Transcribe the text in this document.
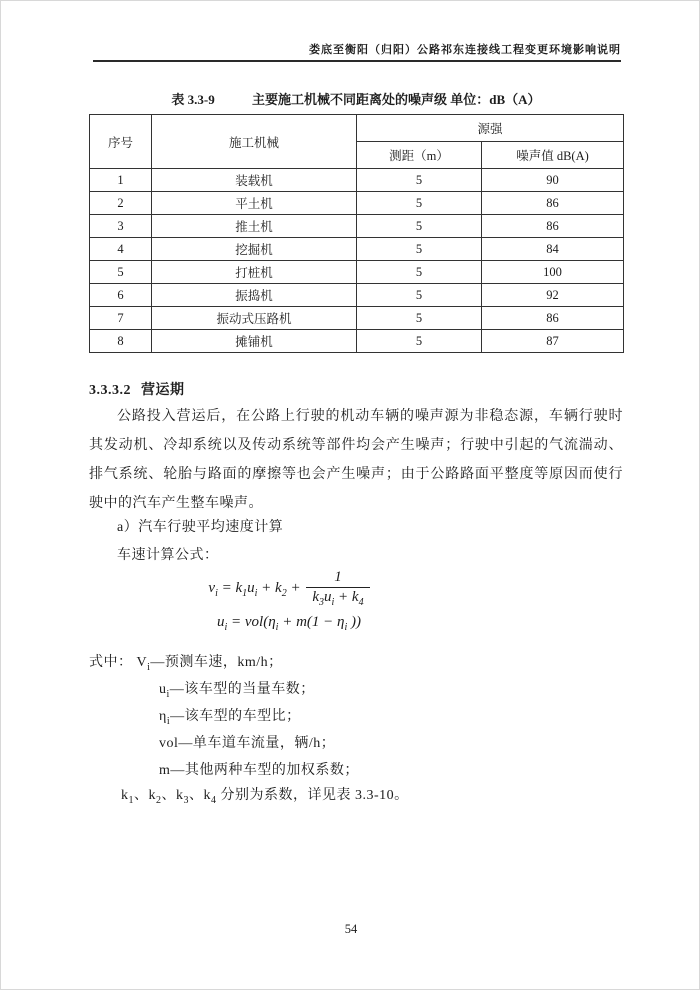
娄底至衡阳（归阳）公路祁东连接线工程变更环境影响说明
表 3.3-9	主要施工机械不同距离处的噪声级 单位：dB（A）
序号	施工机械	源强	
		测距（m）	噪声值 dB(A)
1	装载机	5	90
2	平土机	5	86
3	推土机	5	86
4	挖掘机	5	84
5	打桩机	5	100
6	振捣机	5	92
7	振动式压路机	5	86
8	摊铺机	5	87
3.3.3.2 营运期

公路投入营运后，在公路上行驶的机动车辆的噪声源为非稳态源，车辆行驶时其发动机、冷却系统以及传动系统等部件均会产生噪声；行驶中引起的气流湍动、排气系统、轮胎与路面的摩擦等也会产生噪声；由于公路路面平整度等原因而使行驶中的汽车产生整车噪声。

a）汽车行驶平均速度计算
车速计算公式：
$v_i = k_1u_i + k_2 + \frac{1}{k_3u_i + k_4}$
$u_i = vol(\eta_i + m(1 - \eta_i$ ))
式中： $V_i—$预测车速，km/h；
$u_i—$该车型的当量车数；
$\eta_i—$该车型的车型比；
vol—单车道车流量，辆/h；
m—其他两种车型的加权系数；
$k_1$、$k_2$、$k_3$、$k_4$ 分别为系数，详见表 3.3-10。
54
